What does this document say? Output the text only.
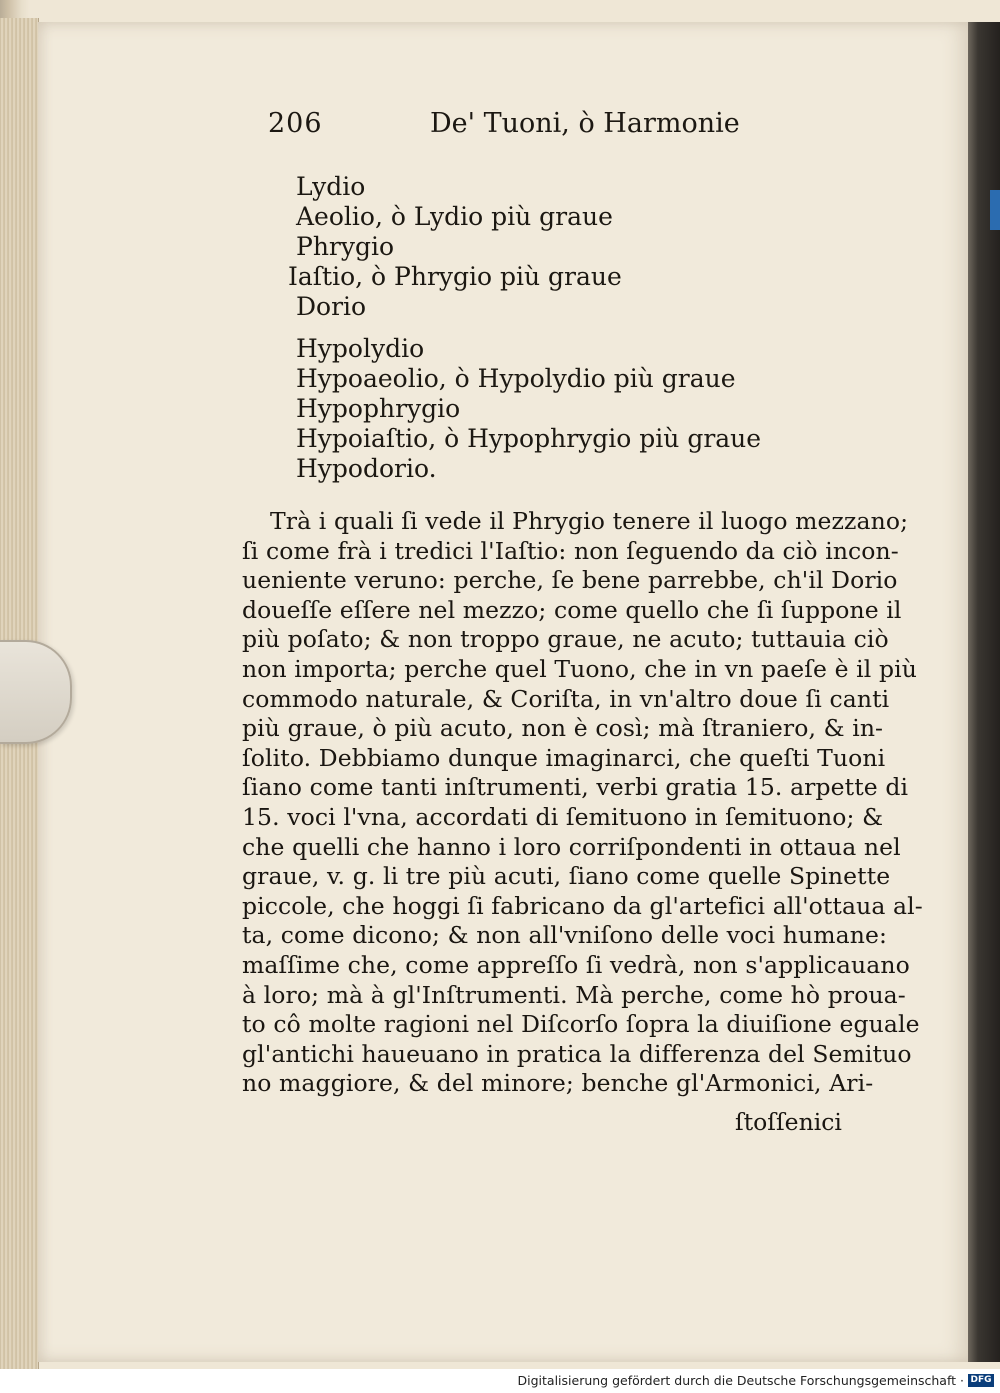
206	De' Tuoni, ò Harmonie
Lydio
Aeolio, ò Lydio più graue
Phrygio
Iaſtio, ò Phrygio più graue
Dorio
Hypolydio
Hypoaeolio, ò Hypolydio più graue
Hypophrygio
Hypoiaſtio, ò Hypophrygio più graue
Hypodorio.
Trà i quali ſi vede il Phrygio tenere il luogo mezzano;
ſi come frà i tredici l'Iaſtio: non ſeguendo da ciò incon-
ueniente veruno: perche, ſe bene parrebbe, ch'il Dorio
doueſſe eſſere nel mezzo; come quello che ſi ſuppone il
più poſato; & non troppo graue, ne acuto; tuttauia ciò
non importa; perche quel Tuono, che in vn paeſe è il più
commodo naturale, & Coriſta, in vn'altro doue ſi canti
più graue, ò più acuto, non è così; mà ſtraniero, & in-
ſolito. Debbiamo dunque imaginarci, che queſti Tuoni
ſiano come tanti inſtrumenti, verbi gratia 15. arpette di
15. voci l'vna, accordati di ſemituono in ſemituono; &
che quelli che hanno i loro corriſpondenti in ottaua nel
graue, v. g. li tre più acuti, ſiano come quelle Spinette
piccole, che hoggi ſi fabricano da gl'artefici all'ottaua al-
ta, come dicono; & non all'vniſono delle voci humane:
maſſime che, come appreſſo ſi vedrà, non s'applicauano
à loro; mà à gl'Inſtrumenti. Mà perche, come hò proua-
to cô molte ragioni nel Diſcorſo ſopra la diuiſione eguale
gl'antichi haueuano in pratica la differenza del Semituo
no maggiore, & del minore; benche gl'Armonici, Ari-
ſtoſſenici
Digitalisierung gefördert durch die Deutsche Forschungsgemeinschaft · DFG
